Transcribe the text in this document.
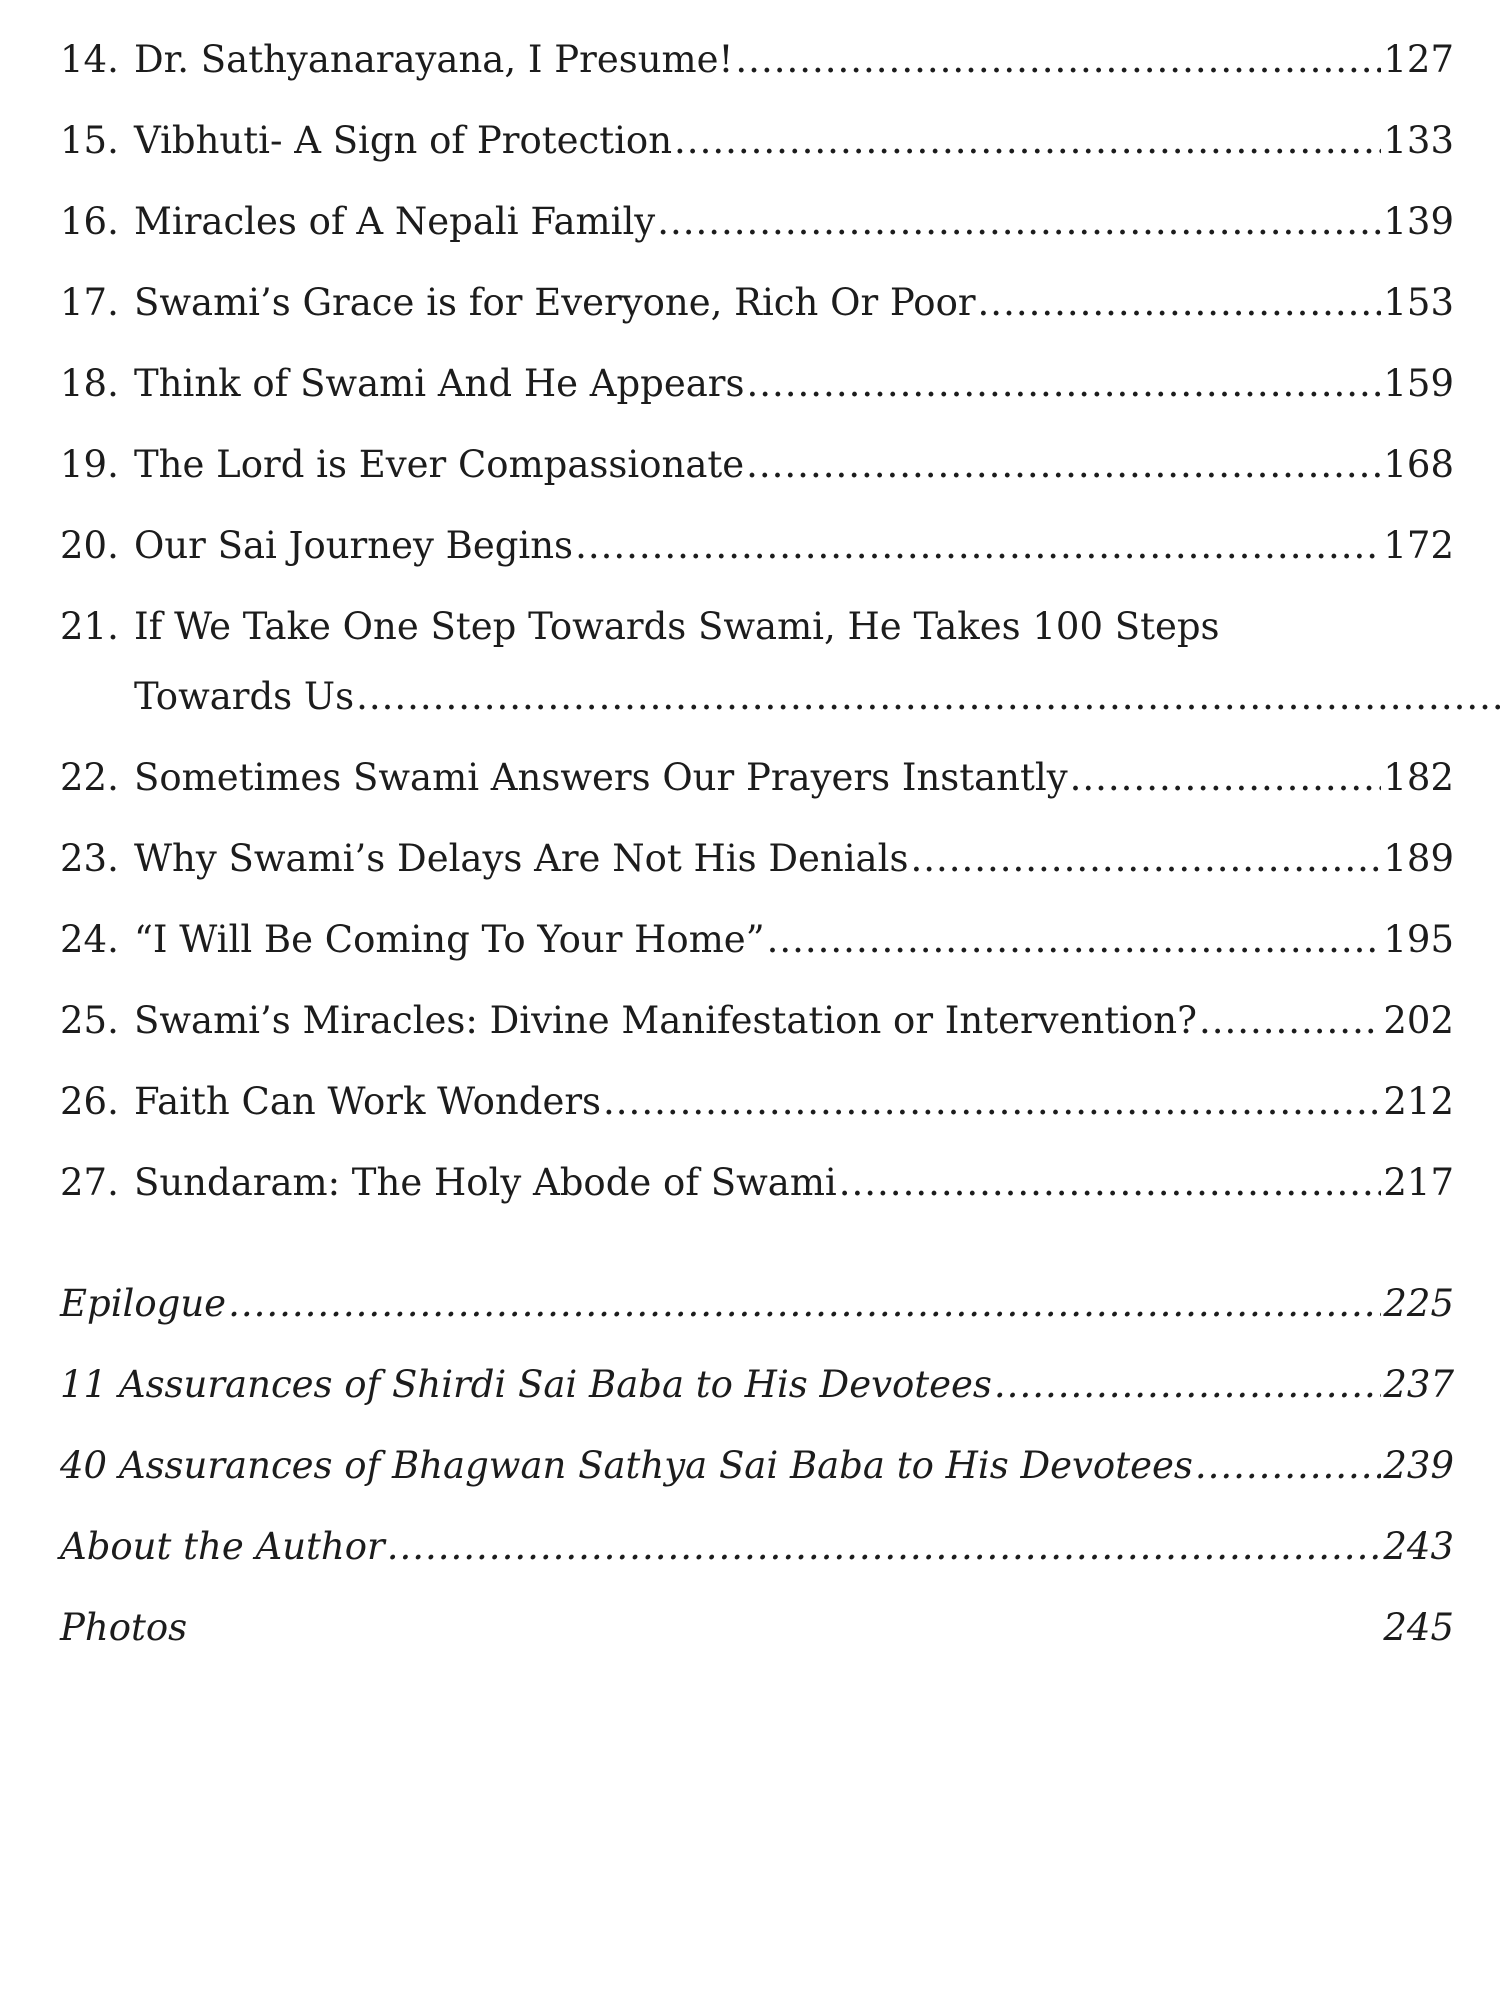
14. Dr. Sathyanarayana, I Presume! .....	127
15. Vibhuti- A Sign of Protection .....	133
16. Miracles of A Nepali Family .....	139
17. Swami’s Grace is for Everyone, Rich Or Poor .....	153
18. Think of Swami And He Appears .....	159
19. The Lord is Ever Compassionate .....	168
20. Our Sai Journey Begins .....	172
21. If We Take One Step Towards Swami, He Takes 100 Steps
Towards Us
.....
22. Sometimes Swami Answers Our Prayers Instantly .....	182
23. Why Swami’s Delays Are Not His Denials .....	189
24. “I Will Be Coming To Your Home” .....	195
25. Swami’s Miracles: Divine Manifestation or Intervention? .....	202
26. Faith Can Work Wonders .....	212
27. Sundaram: The Holy Abode of Swami .....	217
Epilogue .....	225
11 Assurances of Shirdi Sai Baba to His Devotees .....	237
40 Assurances of Bhagwan Sathya Sai Baba to His Devotees .....	239
About the Author .....	243
Photos	245
